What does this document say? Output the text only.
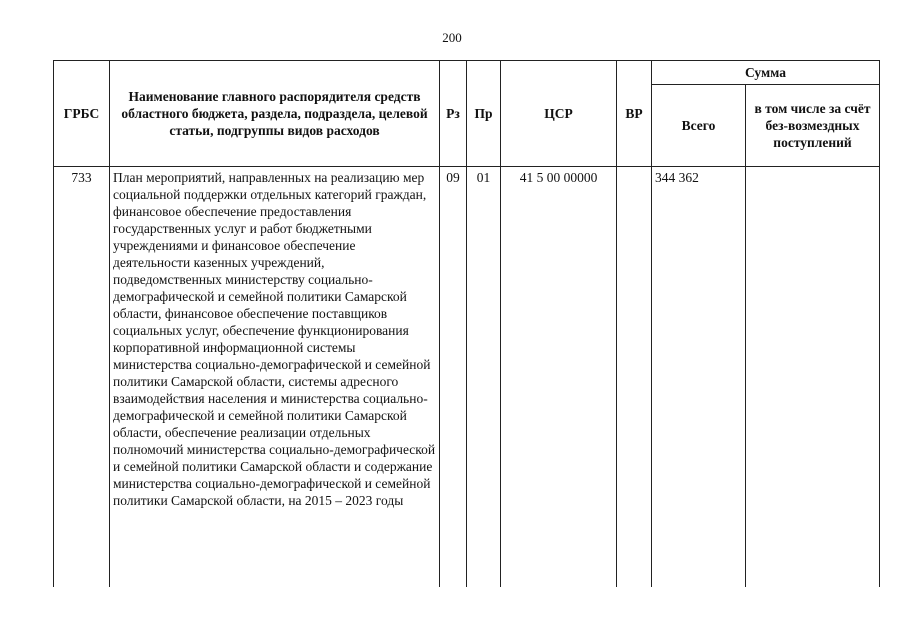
200
ГРБС	Наименование главного распорядителя средств областного бюджета, раздела, подраздела, целевой статьи, подгруппы видов расходов	Рз	Пр	ЦСР	ВР	Сумма	
						Всего	в том числе за счёт без-возмездных поступлений
733	План мероприятий, направленных на реализацию мер социальной поддержки отдельных категорий граждан, финансовое обеспечение предоставления государственных услуг и работ бюджетными учреждениями и финансовое обеспечение деятельности казенных учреждений, подведомственных министерству социально-демографической и семейной политики Самарской области, финансовое обеспечение поставщиков социальных услуг, обеспечение функционирования корпоративной информационной системы министерства социально-демографической и семейной политики Самарской области, системы адресного взаимодействия населения и министерства социально-демографической и семейной политики Самарской области, обеспечение реализации отдельных полномочий министерства социально-демографической и семейной политики Самарской области и содержание министерства социально-демографической и семейной политики Самарской области, на 2015 – 2023 годы	09	01	41 5 00 00000		344 362	
